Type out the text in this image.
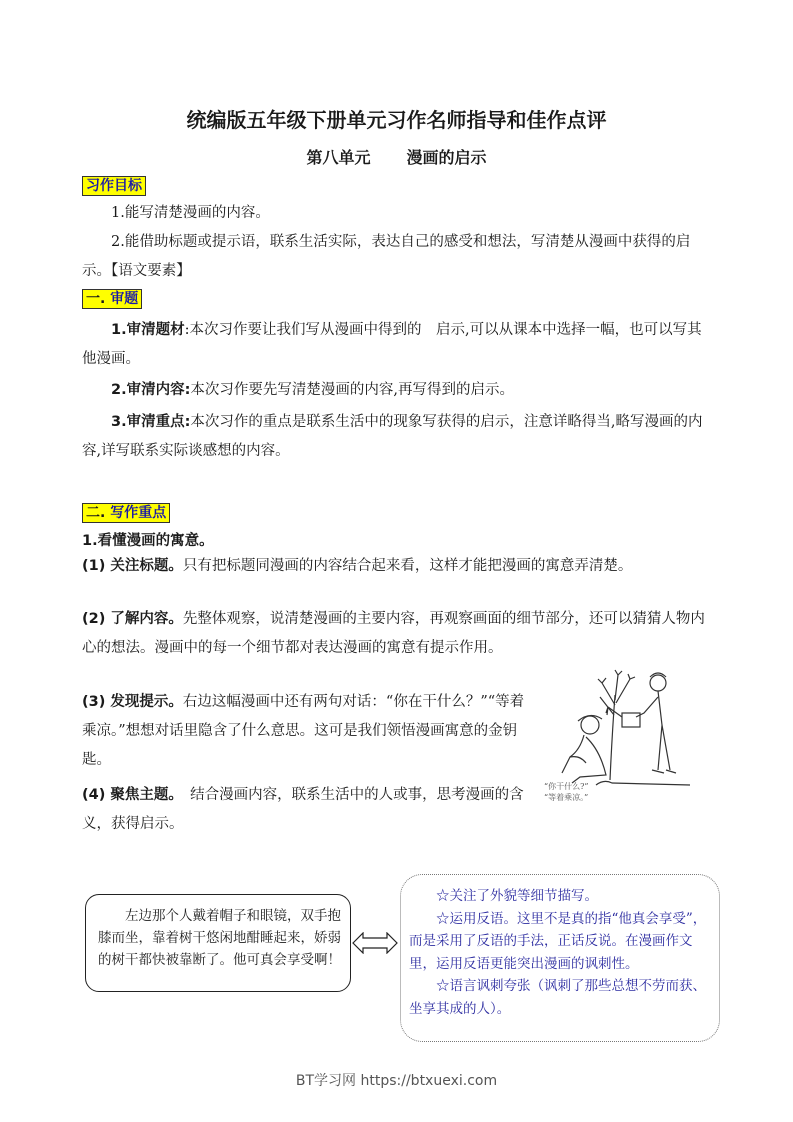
统编版五年级下册单元习作名师指导和佳作点评
第八单元 漫画的启示
习作目标
1.能写清楚漫画的内容。
2.能借助标题或提示语，联系生活实际，表达自己的感受和想法，写清楚从漫画中获得的启示。【语文要素】
一. 审题
1.审清题材:本次习作要让我们写从漫画中得到的　启示,可以从课本中选择一幅，也可以写其他漫画。
2.审清内容:本次习作要先写清楚漫画的内容,再写得到的启示。
3.审清重点:本次习作的重点是联系生活中的现象写获得的启示，注意详略得当,略写漫画的内容,详写联系实际谈感想的内容。
二. 写作重点
1.看懂漫画的寓意。
(1) 关注标题。只有把标题同漫画的内容结合起来看，这样才能把漫画的寓意弄清楚。
(2) 了解内容。先整体观察，说清楚漫画的主要内容，再观察画面的细节部分，还可以猜猜人物内心的想法。漫画中的每一个细节都对表达漫画的寓意有提示作用。
(3) 发现提示。右边这幅漫画中还有两句对话：“你在干什么？”“等着乘凉。”想想对话里隐含了什么意思。这可是我们领悟漫画寓意的金钥匙。
(4) 聚焦主题。　结合漫画内容，联系生活中的人或事，思考漫画的含义，获得启示。
“你干什么?”
“等着乘凉。”
左边那个人戴着帽子和眼镜，双手抱膝而坐，靠着树干悠闲地酣睡起来，娇弱的树干都快被靠断了。他可真会享受啊！
☆关注了外貌等细节描写。
☆运用反语。这里不是真的指“他真会享受”，而是采用了反语的手法，正话反说。在漫画作文里，运用反语更能突出漫画的讽刺性。
☆语言讽刺夸张（讽刺了那些总想不劳而获、坐享其成的人）。
BT学习网 https://btxuexi.com
